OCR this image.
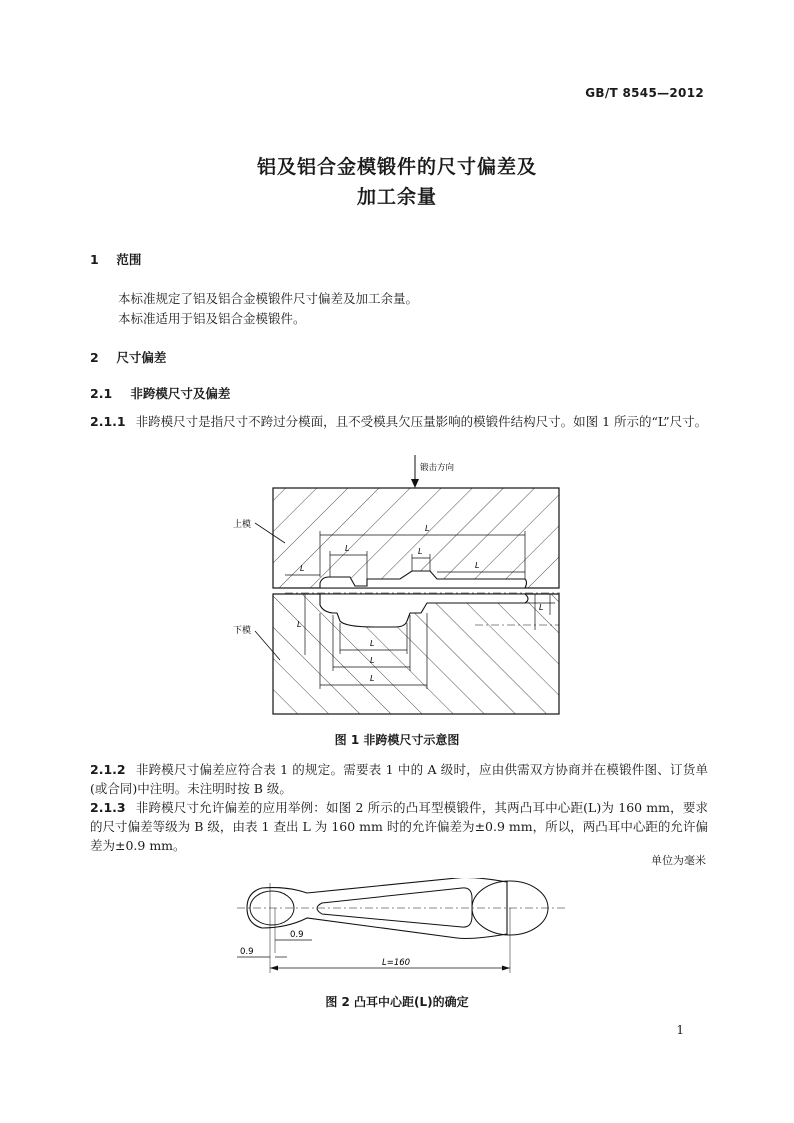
GB/T 8545—2012
铝及铝合金模锻件的尺寸偏差及
加工余量
1 范围
本标准规定了铝及铝合金模锻件尺寸偏差及加工余量。
本标准适用于铝及铝合金模锻件。
2 尺寸偏差
2.1 非跨模尺寸及偏差
2.1.1 非跨模尺寸是指尺寸不跨过分模面，且不受模具欠压量影响的模锻件结构尺寸。如图 1 所示的“L”尺寸。
锻击方向
上模
下模
L
L	L
L	L
L
L
L
L
L
图 1 非跨模尺寸示意图
2.1.2 非跨模尺寸偏差应符合表 1 的规定。需要表 1 中的 A 级时，应由供需双方协商并在模锻件图、订货单(或合同)中注明。未注明时按 B 级。
2.1.3 非跨模尺寸允许偏差的应用举例：如图 2 所示的凸耳型模锻件，其两凸耳中心距(L)为 160 mm，要求的尺寸偏差等级为 B 级，由表 1 查出 L 为 160 mm 时的允许偏差为±0.9 mm，所以，两凸耳中心距的允许偏差为±0.9 mm。
单位为毫米
0.9
0.9
L=160
图 2 凸耳中心距(L)的确定
1
